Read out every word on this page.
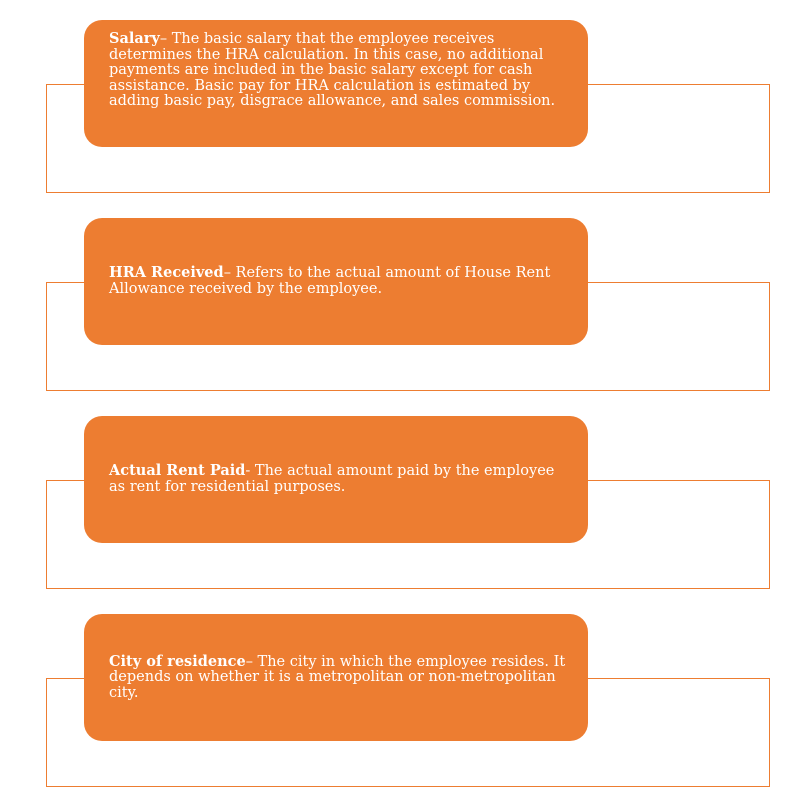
Salary– The basic salary that the employee receives determines the HRA calculation. In this case, no additional payments are included in the basic salary except for cash assistance. Basic pay for HRA calculation is estimated by adding basic pay, disgrace allowance, and sales commission.

HRA Received– Refers to the actual amount of House Rent Allowance received by the employee.

Actual Rent Paid- The actual amount paid by the employee as rent for residential purposes.

City of residence– The city in which the employee resides. It depends on whether it is a metropolitan or non-metropolitan city.
